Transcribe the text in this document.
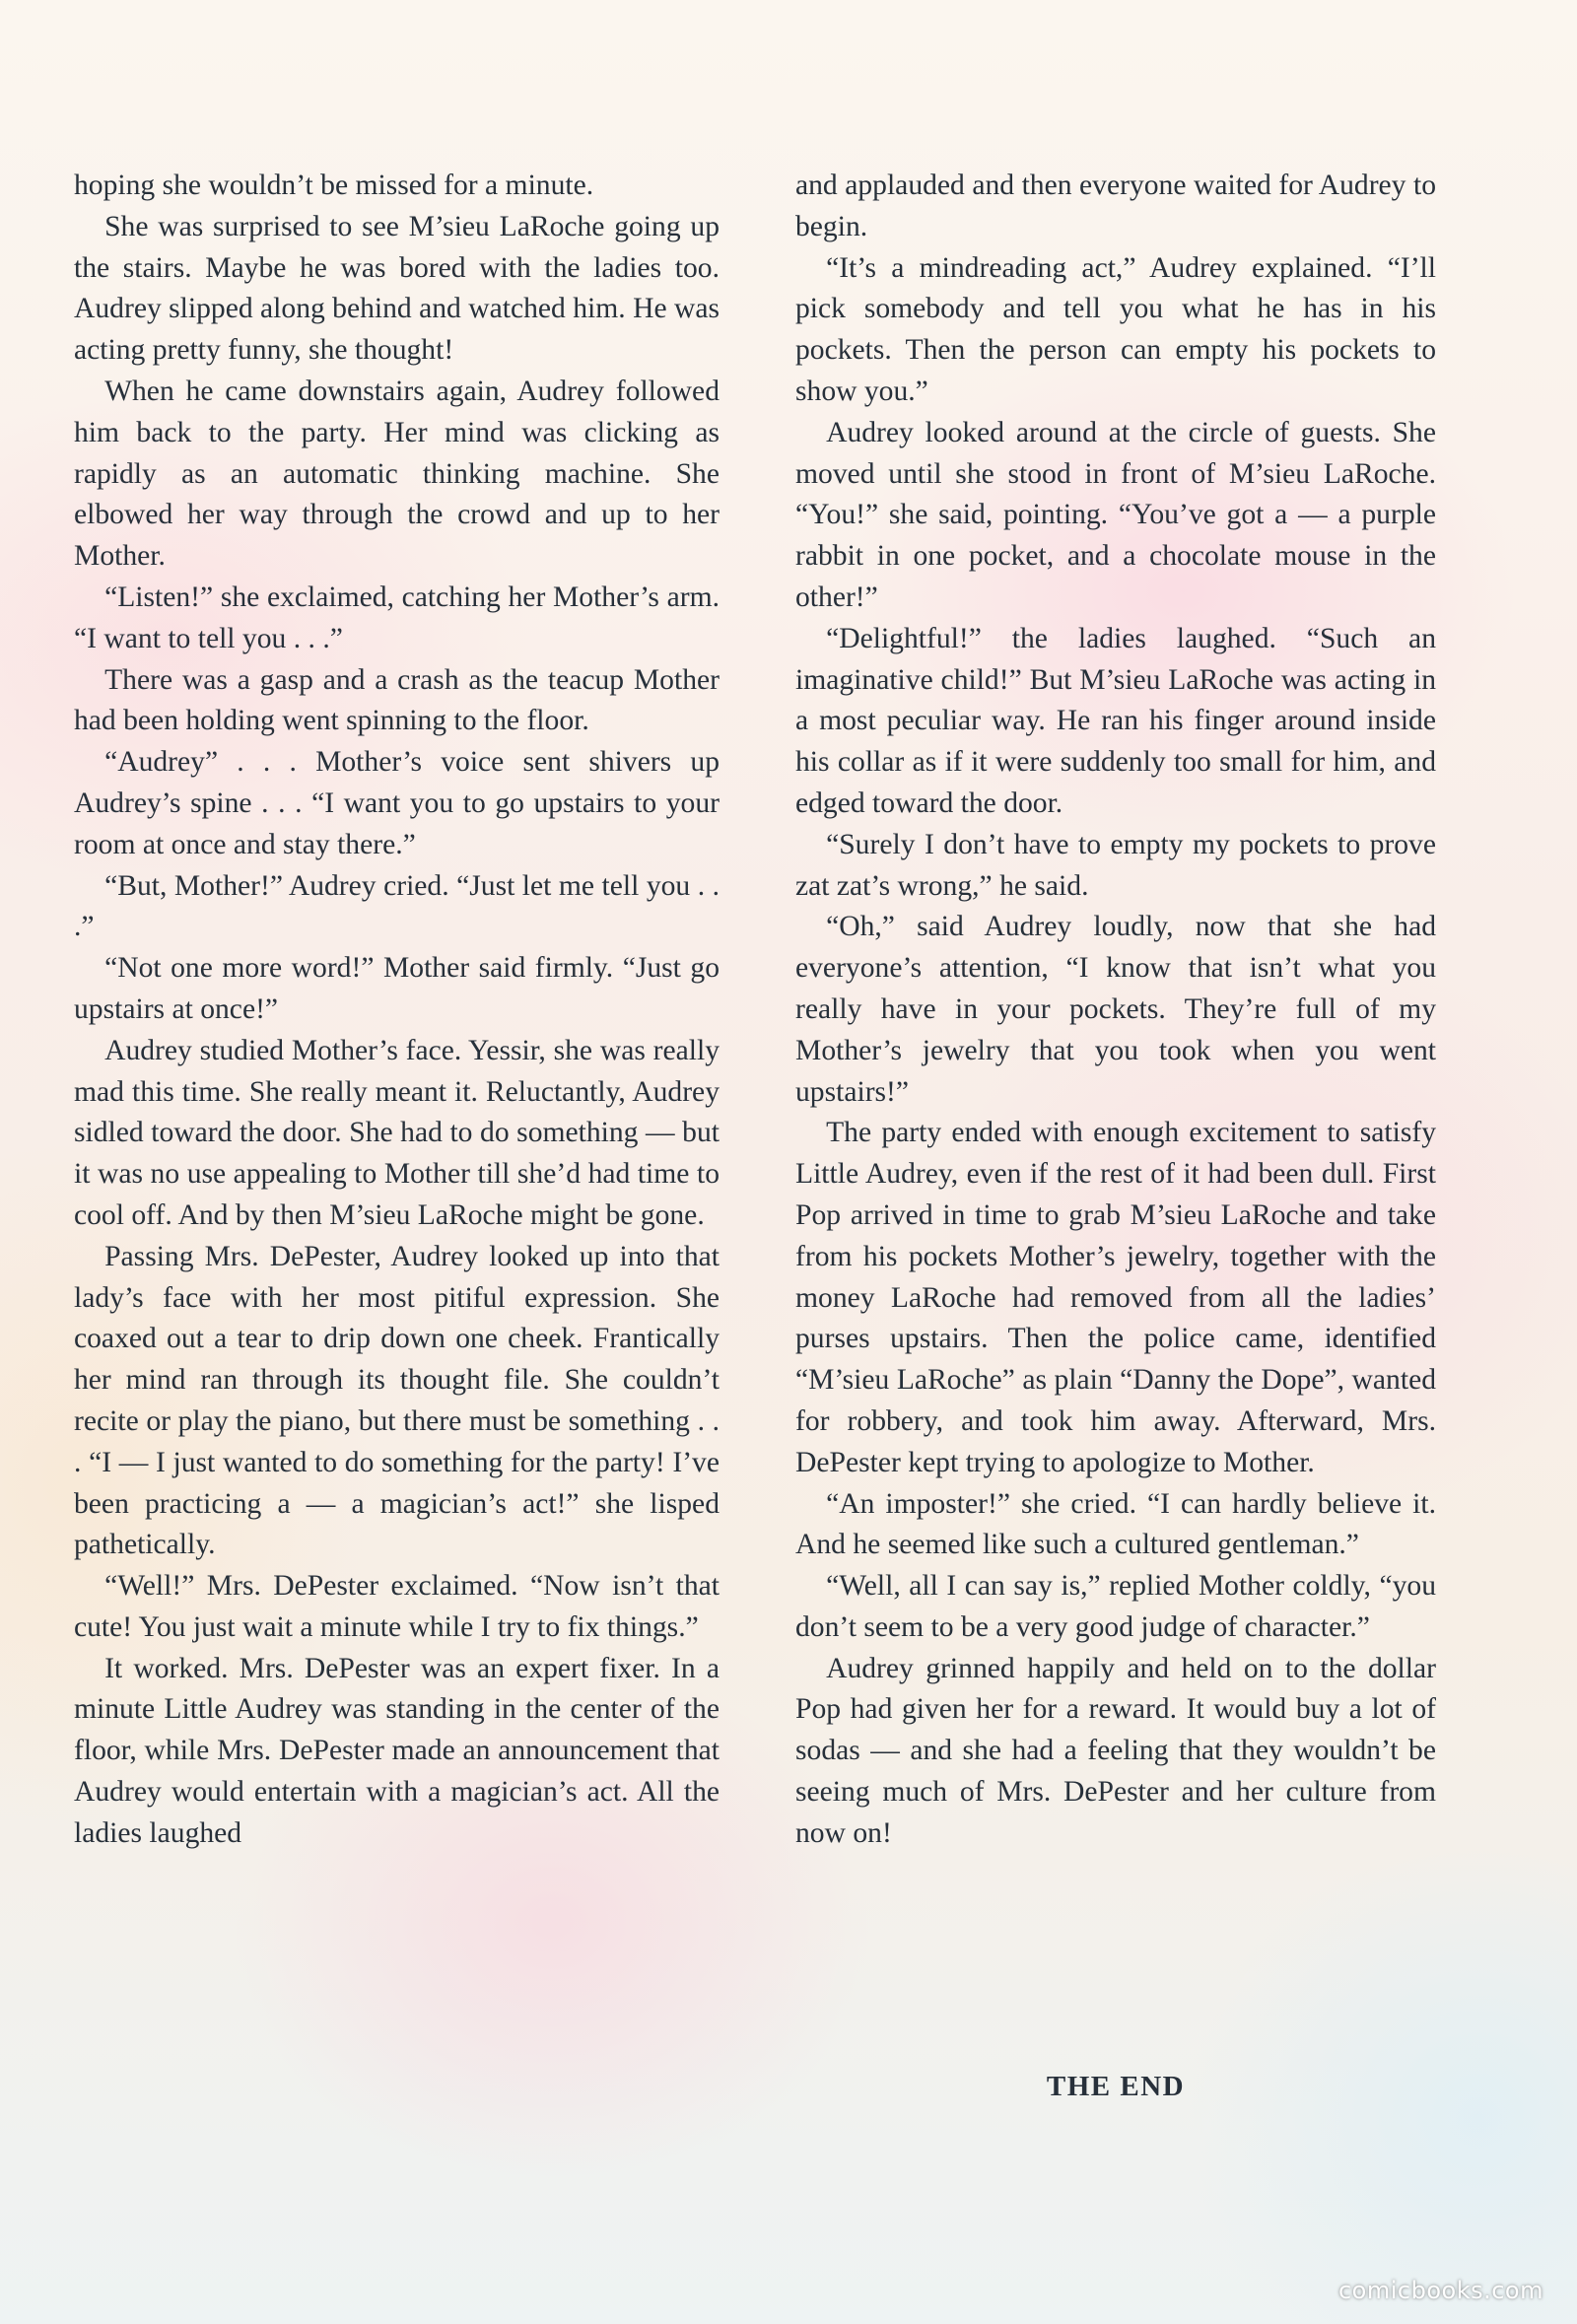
hoping she wouldn’t be missed for a minute.

She was surprised to see M’sieu LaRoche going up the stairs. Maybe he was bored with the ladies too. Audrey slipped along behind and watched him. He was acting pretty funny, she thought!

When he came downstairs again, Audrey followed him back to the party. Her mind was clicking as rapidly as an automatic thinking machine. She elbowed her way through the crowd and up to her Mother.

“Listen!” she exclaimed, catching her Mother’s arm. “I want to tell you . . .”

There was a gasp and a crash as the teacup Mother had been holding went spinning to the floor.

“Audrey” . . . Mother’s voice sent shivers up Audrey’s spine . . . “I want you to go upstairs to your room at once and stay there.”

“But, Mother!” Audrey cried. “Just let me tell you . . .”

“Not one more word!” Mother said firmly. “Just go upstairs at once!”

Audrey studied Mother’s face. Yessir, she was really mad this time. She really meant it. Reluctantly, Audrey sidled toward the door. She had to do something — but it was no use appealing to Mother till she’d had time to cool off. And by then M’sieu LaRoche might be gone.

Passing Mrs. DePester, Audrey looked up into that lady’s face with her most pitiful expression. She coaxed out a tear to drip down one cheek. Frantically her mind ran through its thought file. She couldn’t recite or play the piano, but there must be something . . . “I — I just wanted to do something for the party! I’ve been practicing a — a magician’s act!” she lisped pathetically.

“Well!” Mrs. DePester exclaimed. “Now isn’t that cute! You just wait a minute while I try to fix things.”

It worked. Mrs. DePester was an expert fixer. In a minute Little Audrey was standing in the center of the floor, while Mrs. DePester made an announcement that Audrey would entertain with a magician’s act. All the ladies laughed

and applauded and then everyone waited for Audrey to begin.

“It’s a mindreading act,” Audrey explained. “I’ll pick somebody and tell you what he has in his pockets. Then the person can empty his pockets to show you.”

Audrey looked around at the circle of guests. She moved until she stood in front of M’sieu LaRoche. “You!” she said, pointing. “You’ve got a — a purple rabbit in one pocket, and a chocolate mouse in the other!”

“Delightful!” the ladies laughed. “Such an imaginative child!” But M’sieu LaRoche was acting in a most peculiar way. He ran his finger around inside his collar as if it were suddenly too small for him, and edged toward the door.

“Surely I don’t have to empty my pockets to prove zat zat’s wrong,” he said.

“Oh,” said Audrey loudly, now that she had everyone’s attention, “I know that isn’t what you really have in your pockets. They’re full of my Mother’s jewelry that you took when you went upstairs!”

The party ended with enough excitement to satisfy Little Audrey, even if the rest of it had been dull. First Pop arrived in time to grab M’sieu LaRoche and take from his pockets Mother’s jewelry, together with the money LaRoche had removed from all the ladies’ purses upstairs. Then the police came, identified “M’sieu LaRoche” as plain “Danny the Dope”, wanted for robbery, and took him away. Afterward, Mrs. DePester kept trying to apologize to Mother.

“An imposter!” she cried. “I can hardly believe it. And he seemed like such a cultured gentleman.”

“Well, all I can say is,” replied Mother coldly, “you don’t seem to be a very good judge of character.”

Audrey grinned happily and held on to the dollar Pop had given her for a reward. It would buy a lot of sodas — and she had a feeling that they wouldn’t be seeing much of Mrs. DePester and her culture from now on!

THE END
comicbooks.com
